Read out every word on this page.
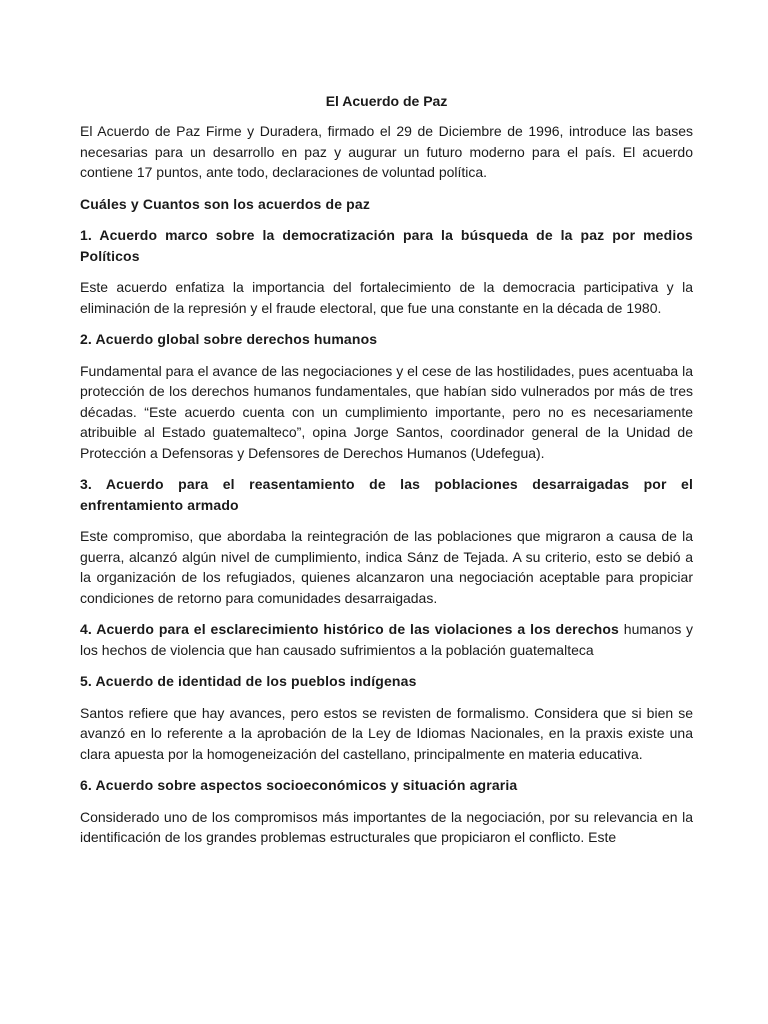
El Acuerdo de Paz

El Acuerdo de Paz Firme y Duradera, firmado el 29 de Diciembre de 1996, introduce las bases necesarias para un desarrollo en paz y augurar un futuro moderno para el país. El acuerdo contiene 17 puntos, ante todo, declaraciones de voluntad política.

Cuáles y Cuantos son los acuerdos de paz

1. Acuerdo marco sobre la democratización para la búsqueda de la paz por medios Políticos

Este acuerdo enfatiza la importancia del fortalecimiento de la democracia participativa y la eliminación de la represión y el fraude electoral, que fue una constante en la década de 1980.

2. Acuerdo global sobre derechos humanos

Fundamental para el avance de las negociaciones y el cese de las hostilidades, pues acentuaba la protección de los derechos humanos fundamentales, que habían sido vulnerados por más de tres décadas. “Este acuerdo cuenta con un cumplimiento importante, pero no es necesariamente atribuible al Estado guatemalteco”, opina Jorge Santos, coordinador general de la Unidad de Protección a Defensoras y Defensores de Derechos Humanos (Udefegua).

3. Acuerdo para el reasentamiento de las poblaciones desarraigadas por el enfrentamiento armado

Este compromiso, que abordaba la reintegración de las poblaciones que migraron a causa de la guerra, alcanzó algún nivel de cumplimiento, indica Sánz de Tejada. A su criterio, esto se debió a la organización de los refugiados, quienes alcanzaron una negociación aceptable para propiciar condiciones de retorno para comunidades desarraigadas.

4. Acuerdo para el esclarecimiento histórico de las violaciones a los derechos humanos y los hechos de violencia que han causado sufrimientos a la población guatemalteca

5. Acuerdo de identidad de los pueblos indígenas

Santos refiere que hay avances, pero estos se revisten de formalismo. Considera que si bien se avanzó en lo referente a la aprobación de la Ley de Idiomas Nacionales, en la praxis existe una clara apuesta por la homogeneización del castellano, principalmente en materia educativa.

6. Acuerdo sobre aspectos socioeconómicos y situación agraria

Considerado uno de los compromisos más importantes de la negociación, por su relevancia en la identificación de los grandes problemas estructurales que propiciaron el conflicto. Este
